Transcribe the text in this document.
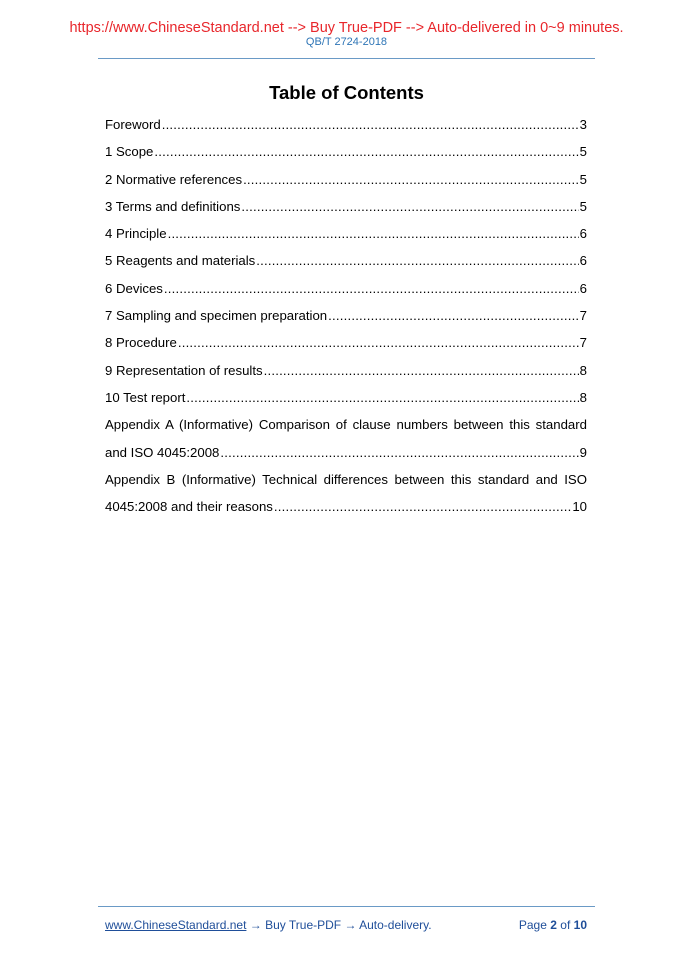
https://www.ChineseStandard.net --> Buy True-PDF --> Auto-delivered in 0~9 minutes.
QB/T 2724-2018
Table of Contents
Foreword .....	3
1 Scope .....	5
2 Normative references .....	5
3 Terms and definitions .....	5
4 Principle .....	6
5 Reagents and materials .....	6
6 Devices .....	6
7 Sampling and specimen preparation .....	7
8 Procedure .....	7
9 Representation of results .....	8
10 Test report .....	8
Appendix A (Informative) Comparison of clause numbers between this standard
and ISO 4045:2008 .....	9
Appendix B (Informative) Technical differences between this standard and ISO
4045:2008 and their reasons .....	10
www.ChineseStandard.net → Buy True-PDF → Auto-delivery.	Page 2 of 10
